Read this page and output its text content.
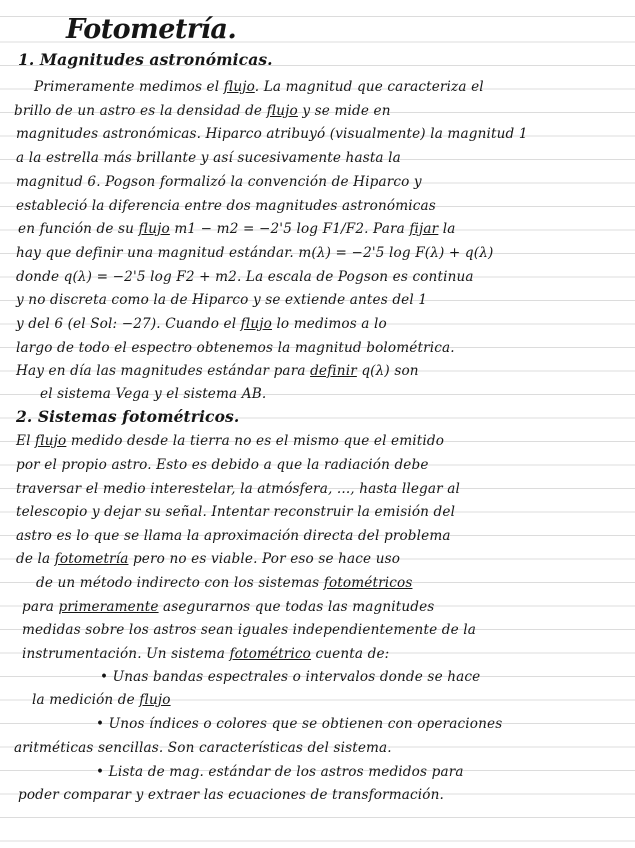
Fotometría.
1. Magnitudes astronómicas.
Primeramente medimos el flujo. La magnitud que caracteriza el
brillo de un astro es la densidad de flujo y se mide en
magnitudes astronómicas. Hiparco atribuyó (visualmente) la magnitud 1
a la estrella más brillante y así sucesivamente hasta la
magnitud 6. Pogson formalizó la convención de Hiparco y
estableció la diferencia entre dos magnitudes astronómicas
en función de su flujo m1 − m2 = −2'5 log F1/F2. Para fijar la
hay que definir una magnitud estándar. m(λ) = −2'5 log F(λ) + q(λ)
donde q(λ) = −2'5 log F2 + m2. La escala de Pogson es continua
y no discreta como la de Hiparco y se extiende antes del 1
y del 6 (el Sol: −27). Cuando el flujo lo medimos a lo
largo de todo el espectro obtenemos la magnitud bolométrica.
Hay en día las magnitudes estándar para definir q(λ) son
el sistema Vega y el sistema AB.
2. Sistemas fotométricos.
El flujo medido desde la tierra no es el mismo que el emitido
por el propio astro. Esto es debido a que la radiación debe
traversar el medio interestelar, la atmósfera, ..., hasta llegar al
telescopio y dejar su señal. Intentar reconstruir la emisión del
astro es lo que se llama la aproximación directa del problema
de la fotometría pero no es viable. Por eso se hace uso
de un método indirecto con los sistemas fotométricos
para primeramente asegurarnos que todas las magnitudes
medidas sobre los astros sean iguales independientemente de la
instrumentación. Un sistema fotométrico cuenta de:
• Unas bandas espectrales o intervalos donde se hace
la medición de flujo
• Unos índices o colores que se obtienen con operaciones
aritméticas sencillas. Son características del sistema.
• Lista de mag. estándar de los astros medidos para
poder comparar y extraer las ecuaciones de transformación.
